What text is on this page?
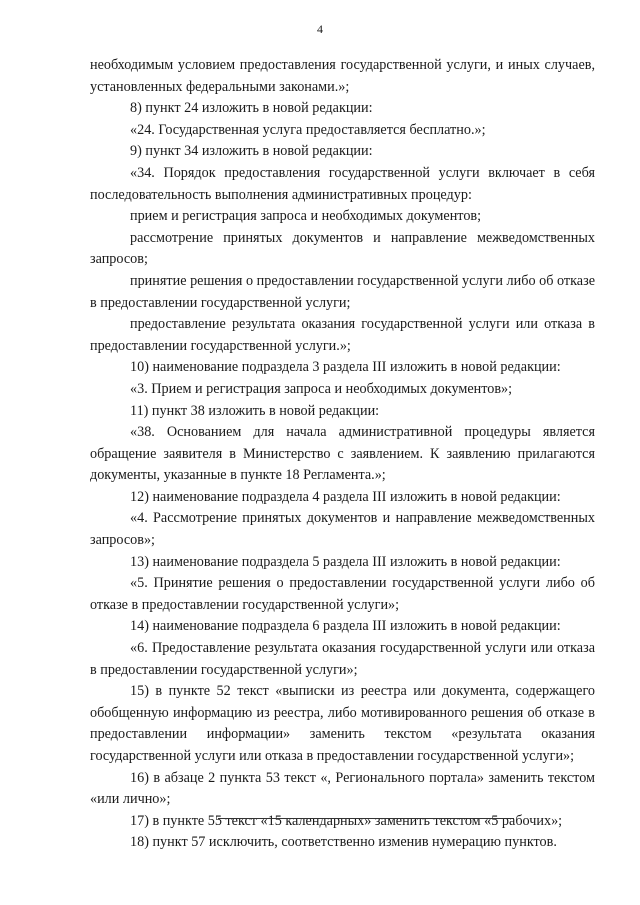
4

необходимым условием предоставления государственной услуги, и иных случаев, установленных федеральными законами.»;

8) пункт 24 изложить в новой редакции:

«24. Государственная услуга предоставляется бесплатно.»;

9) пункт 34 изложить в новой редакции:

«34. Порядок предоставления государственной услуги включает в себя последовательность выполнения административных процедур:

прием и регистрация запроса и необходимых документов;

рассмотрение принятых документов и направление межведомственных запросов;

принятие решения о предоставлении государственной услуги либо об отказе в предоставлении государственной услуги;

предоставление результата оказания государственной услуги или отказа в предоставлении государственной услуги.»;

10) наименование подраздела 3 раздела III изложить в новой редакции:

«3. Прием и регистрация запроса и необходимых документов»;

11) пункт 38 изложить в новой редакции:

«38. Основанием для начала административной процедуры является обращение заявителя в Министерство с заявлением. К заявлению прилагаются документы, указанные в пункте 18 Регламента.»;

12) наименование подраздела 4 раздела III изложить в новой редакции:

«4. Рассмотрение принятых документов и направление межведомственных запросов»;

13) наименование подраздела 5 раздела III изложить в новой редакции:

«5. Принятие решения о предоставлении государственной услуги либо об отказе в предоставлении государственной услуги»;

14) наименование подраздела 6 раздела III изложить в новой редакции:

«6. Предоставление результата оказания государственной услуги или отказа в предоставлении государственной услуги»;

15) в пункте 52 текст «выписки из реестра или документа, содержащего обобщенную информацию из реестра, либо мотивированного решения об отказе в предоставлении информации» заменить текстом «результата оказания государственной услуги или отказа в предоставлении государственной услуги»;

16) в абзаце 2 пункта 53 текст «, Регионального портала» заменить текстом «или лично»;

17) в пункте 55 текст «15 календарных» заменить текстом «5 рабочих»;

18) пункт 57 исключить, соответственно изменив нумерацию пунктов.
